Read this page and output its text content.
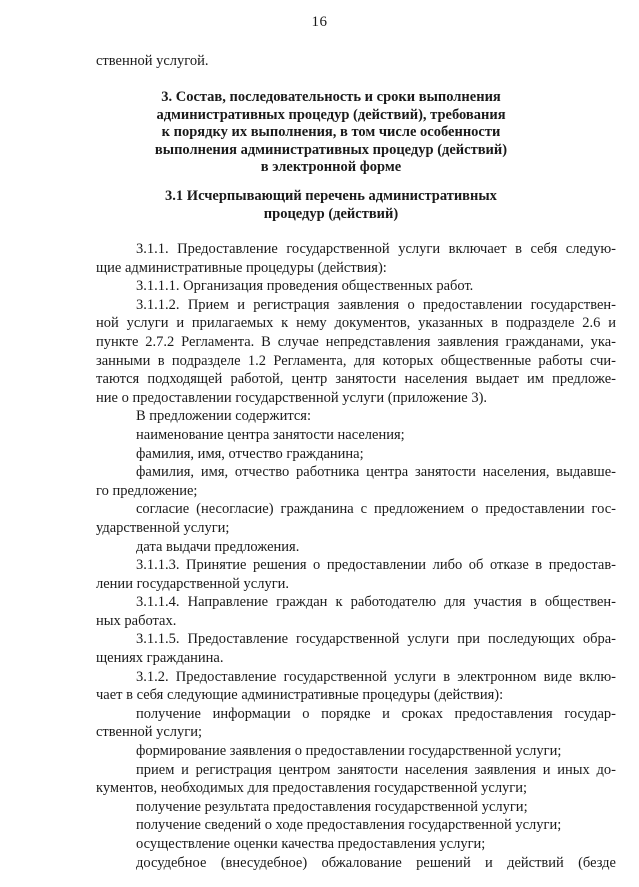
16
ственной услугой.
3. Состав, последовательность и сроки выполнения
административных процедур (действий), требования
к порядку их выполнения, в том числе особенности
выполнения административных процедур (действий)
в электронной форме
3.1 Исчерпывающий перечень административных
процедур (действий)
3.1.1. Предоставление государственной услуги включает в себя следую-
щие административные процедуры (действия):
3.1.1.1. Организация проведения общественных работ.
3.1.1.2. Прием и регистрация заявления о предоставлении государствен-
ной услуги и прилагаемых к нему документов, указанных в подразделе 2.6 и
пункте 2.7.2 Регламента. В случае непредставления заявления гражданами, ука-
занными в подразделе 1.2 Регламента, для которых общественные работы счи-
таются подходящей работой, центр занятости населения выдает им предложе-
ние о предоставлении государственной услуги (приложение 3).
В предложении содержится:
наименование центра занятости населения;
фамилия, имя, отчество гражданина;
фамилия, имя, отчество работника центра занятости населения, выдавше-
го предложение;
согласие (несогласие) гражданина с предложением о предоставлении гос-
ударственной услуги;
дата выдачи предложения.
3.1.1.3. Принятие решения о предоставлении либо об отказе в предостав-
лении государственной услуги.
3.1.1.4. Направление граждан к работодателю для участия в обществен-
ных работах.
3.1.1.5. Предоставление государственной услуги при последующих обра-
щениях гражданина.
3.1.2. Предоставление государственной услуги в электронном виде вклю-
чает в себя следующие административные процедуры (действия):
получение информации о порядке и сроках предоставления государ-
ственной услуги;
формирование заявления о предоставлении государственной услуги;
прием и регистрация центром занятости населения заявления и иных до-
кументов, необходимых для предоставления государственной услуги;
получение результата предоставления государственной услуги;
получение сведений о ходе предоставления государственной услуги;
осуществление оценки качества предоставления услуги;
досудебное (внесудебное) обжалование решений и действий (безде
